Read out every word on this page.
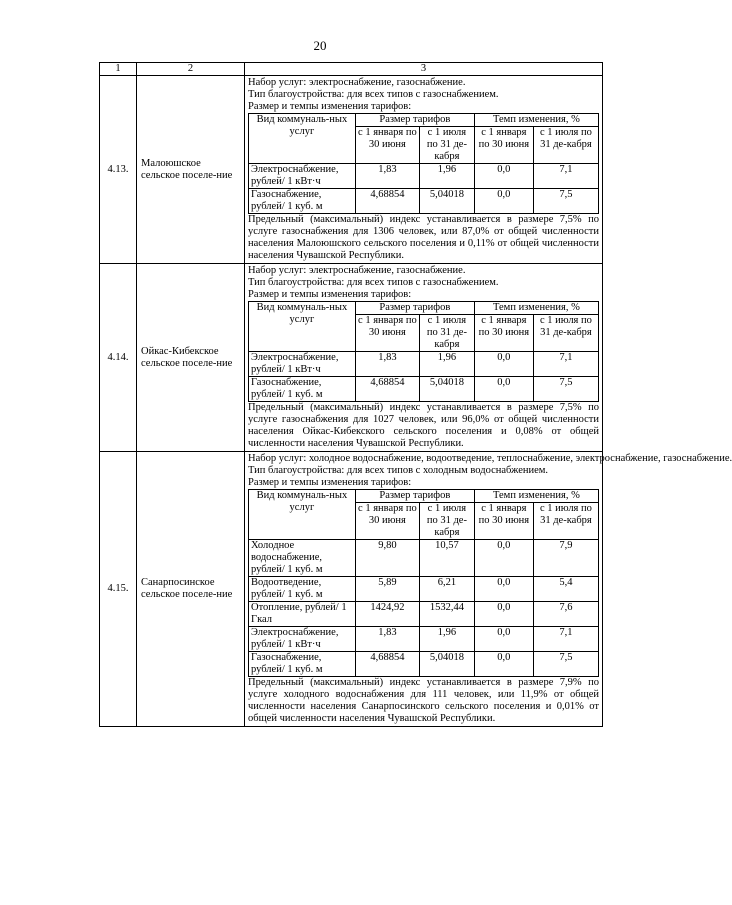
20
1	2	3
4.13.	Малоюшское сельское поселе-ние	
Набор услуг: электроснабжение, газоснабжение.
Тип благоустройства: для всех типов с газоснабжением.
Размер и темпы изменения тарифов:
Вид коммуналь-ных услуг	Размер тарифов	Темп изменения, %
с 1 января по 30 июня	с 1 июля по 31 де-кабря	с 1 января по 30 июня	с 1 июля по 31 де-кабря
Электроснабжение, рублей/ 1 кВт·ч	1,83	1,96	0,0	7,1
Газоснабжение, рублей/ 1 куб. м	4,68854	5,04018	0,0	7,5
Предельный (максимальный) индекс устанавливается в размере 7,5% по услуге газоснабжения для 1306 человек, или 87,0% от общей численности населения Малоюшского сельского поселения и 0,11% от общей численности населения Чувашской Республики.

4.14.	Ойкас-Кибекское сельское поселе-ние	
Набор услуг: электроснабжение, газоснабжение.
Тип благоустройства: для всех типов с газоснабжением.
Размер и темпы изменения тарифов:
Вид коммуналь-ных услуг	Размер тарифов	Темп изменения, %
с 1 января по 30 июня	с 1 июля по 31 де-кабря	с 1 января по 30 июня	с 1 июля по 31 де-кабря
Электроснабжение, рублей/ 1 кВт·ч	1,83	1,96	0,0	7,1
Газоснабжение, рублей/ 1 куб. м	4,68854	5,04018	0,0	7,5
Предельный (максимальный) индекс устанавливается в размере 7,5% по услуге газоснабжения для 1027 человек, или 96,0% от общей численности населения Ойкас-Кибекского сельского поселения и 0,08% от общей численности населения Чувашской Республики.

4.15.	Санарпосинское сельское поселе-ние	
Набор услуг: холодное водоснабжение, водоотведение, теплоснабжение, электроснабжение, газоснабжение.
Тип благоустройства: для всех типов с холодным водоснабжением.
Размер и темпы изменения тарифов:
Вид коммуналь-ных услуг	Размер тарифов	Темп изменения, %
с 1 января по 30 июня	с 1 июля по 31 де-кабря	с 1 января по 30 июня	с 1 июля по 31 де-кабря
Холодное водоснабжение, рублей/ 1 куб. м	9,80	10,57	0,0	7,9
Водоотведение, рублей/ 1 куб. м	5,89	6,21	0,0	5,4
Отопление, рублей/ 1 Гкал	1424,92	1532,44	0,0	7,6
Электроснабжение, рублей/ 1 кВт·ч	1,83	1,96	0,0	7,1
Газоснабжение, рублей/ 1 куб. м	4,68854	5,04018	0,0	7,5
Предельный (максимальный) индекс устанавливается в размере 7,9% по услуге холодного водоснабжения для 111 человек, или 11,9% от общей численности населения Санарпосинского сельского поселения и 0,01% от общей численности населения Чувашской Республики.
